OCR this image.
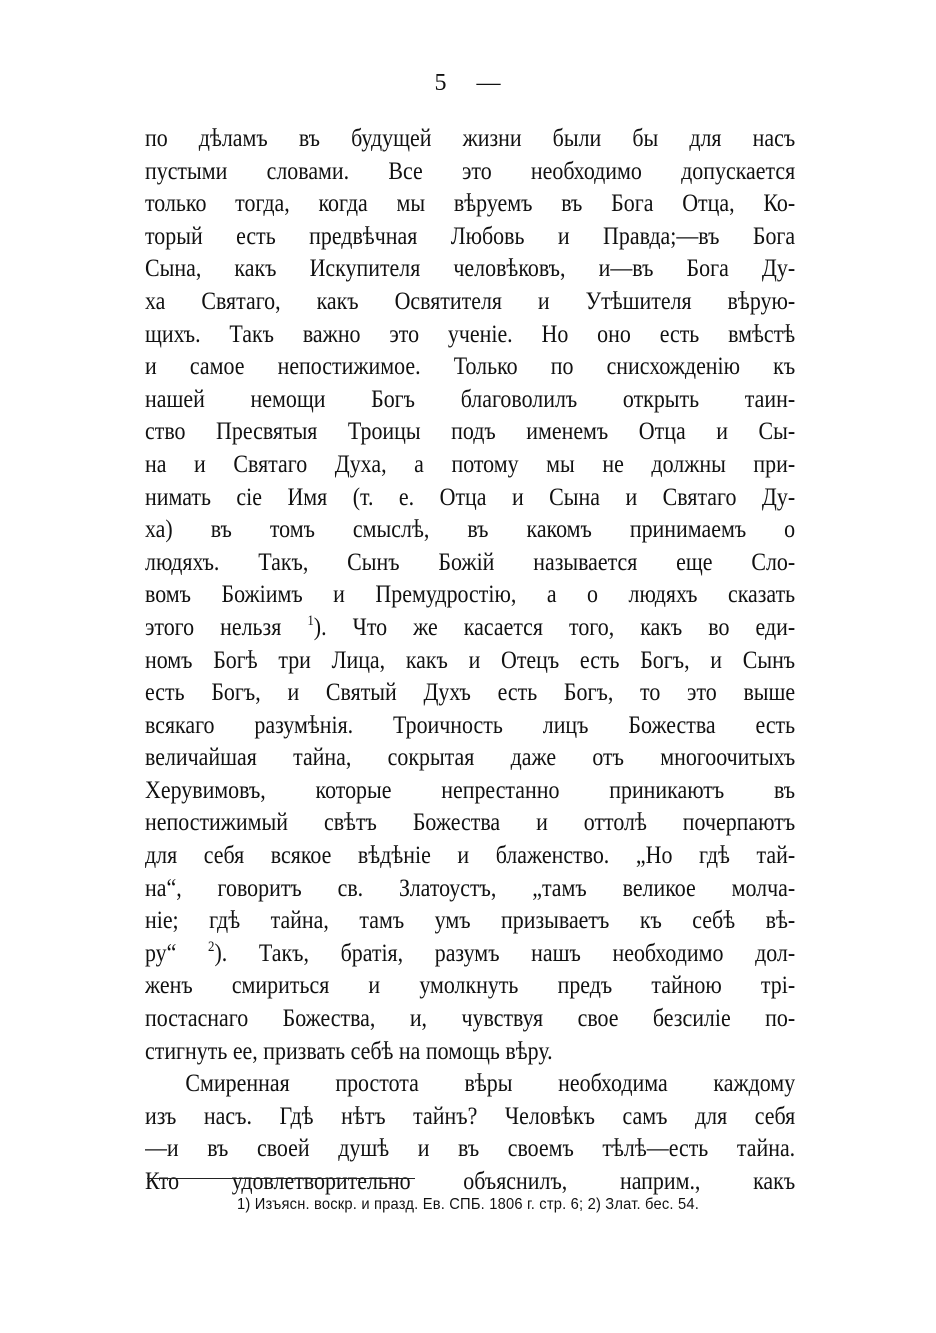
5 —
по дѣламъ въ будущей жизни были бы для насъ
пустыми словами. Все это необходимо допускается
только тогда, когда мы вѣруемъ въ Бога Отца, Ко-
торый есть предвѣчная Любовь и Правда;—въ Бога
Сына, какъ Искупителя человѣковъ, и—въ Бога Ду-
ха Святаго, какъ Освятителя и Утѣшителя вѣрую-
щихъ. Такъ важно это ученіе. Но оно есть вмѣстѣ
и самое непостижимое. Только по снисхожденію къ
нашей немощи Богъ благоволилъ открыть таин-
ство Пресвятыя Троицы подъ именемъ Отца и Сы-
на и Святаго Духа, а потому мы не должны при-
нимать сіе Имя (т. е. Отца и Сына и Святаго Ду-
ха) въ томъ смыслѣ, въ какомъ принимаемъ о
людяхъ. Такъ, Сынъ Божій называется еще Сло-
вомъ Божіимъ и Премудростію, а о людяхъ сказать
этого нельзя $^1$). Что же касается того, какъ во еди-
номъ Богѣ три Лица, какъ и Отецъ есть Богъ, и Сынъ
есть Богъ, и Святый Духъ есть Богъ, то это выше
всякаго разумѣнія. Троичность лицъ Божества есть
величайшая тайна, сокрытая даже отъ многоочитыхъ
Херувимовъ, которые непрестанно приникаютъ въ
непостижимый свѣтъ Божества и оттолѣ почерпаютъ
для себя всякое вѣдѣніе и блаженство. „Но гдѣ тай-
на“, говоритъ св. Златоустъ, „тамъ великое молча-
ніе; гдѣ тайна, тамъ умъ призываетъ къ себѣ вѣ-
ру“ $^2$). Такъ, братія, разумъ нашъ необходимо дол-
женъ смириться и умолкнуть предъ тайною трі-
постаснаго Божества, и, чувствуя свое безсиліе по-
стигнуть ее, призвать себѣ на помощь вѣру.
Смиренная простота вѣры необходима каждому
изъ насъ. Гдѣ нѣтъ тайнъ? Человѣкъ самъ для себя
—и въ своей душѣ и въ своемъ тѣлѣ—есть тайна.
Кто удовлетворительно объяснилъ, наприм., какъ
1) Изъясн. воскр. и празд. Ев. СПБ. 1806 г. стр. 6; 2) Злат. бес. 54.
